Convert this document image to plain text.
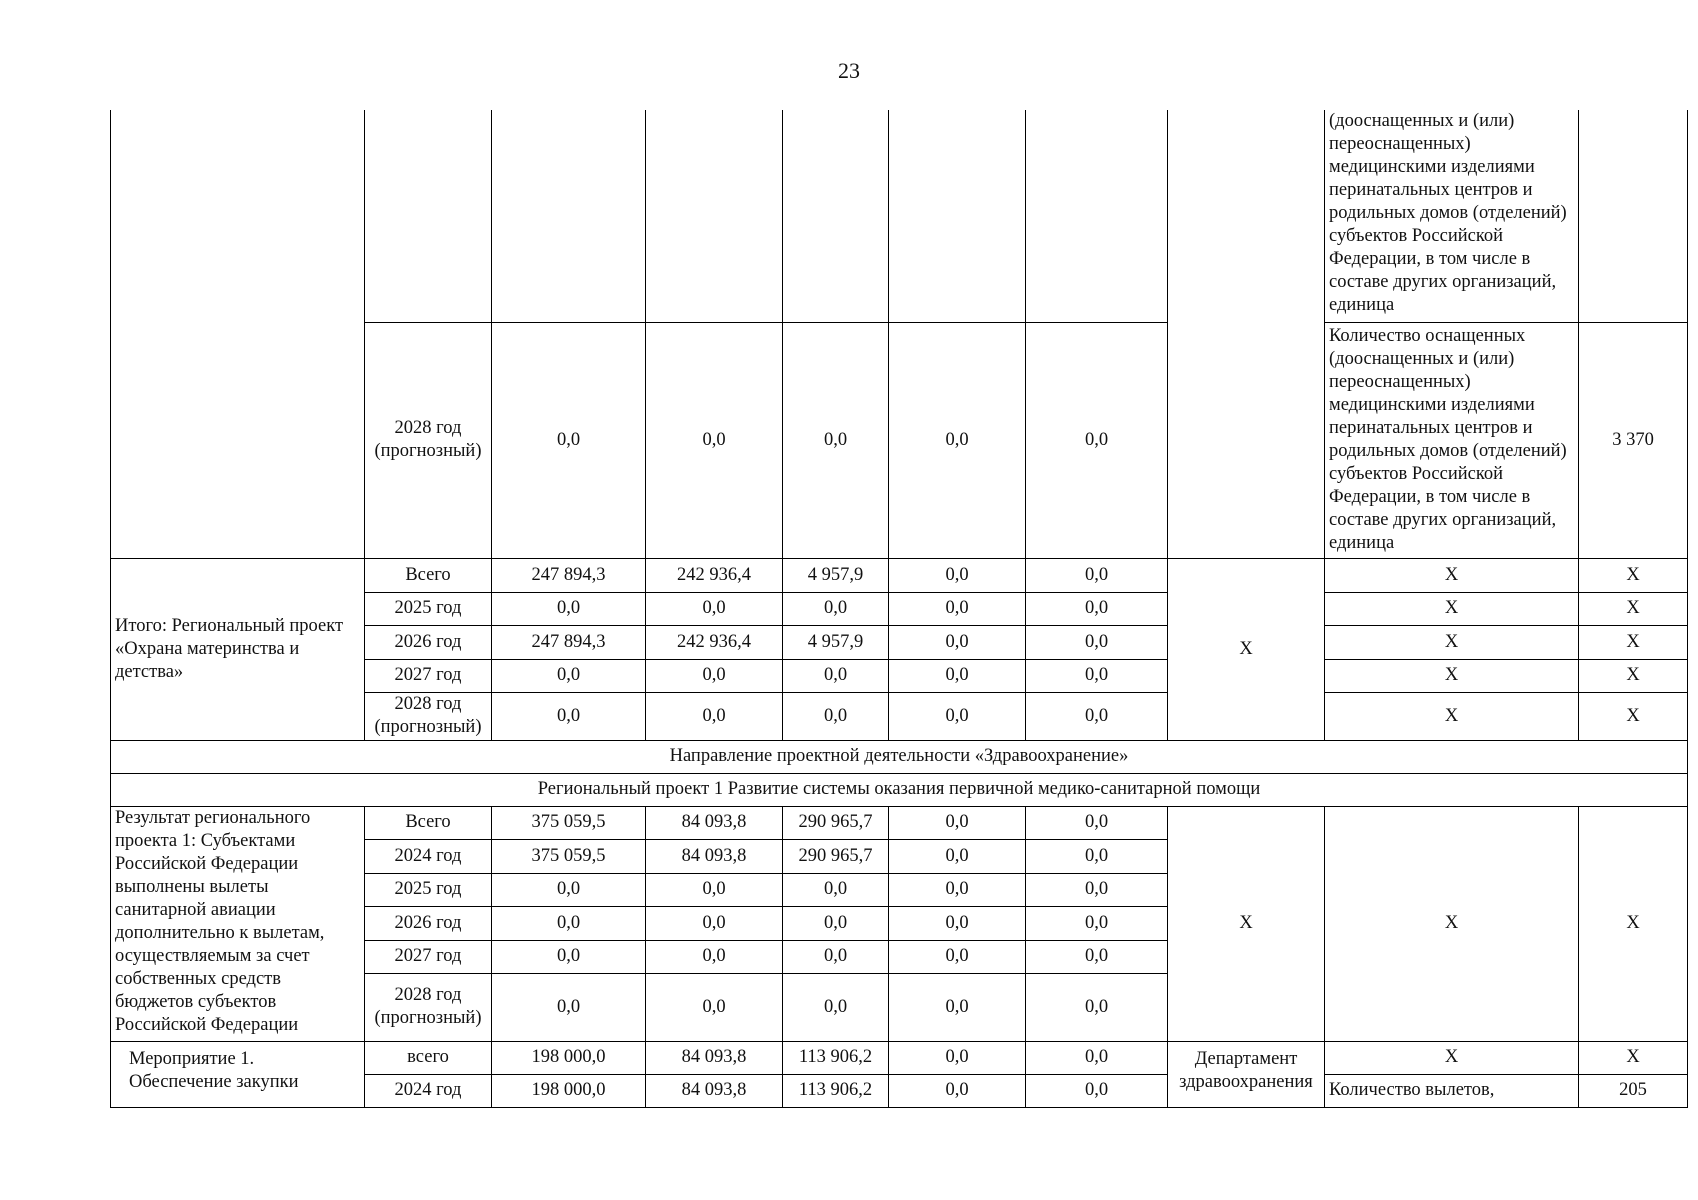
23
								(дооснащенных и (или) переоснащенных) медицинскими изделиями перинатальных центров и родильных домов (отделений) субъектов Российской Федерации, в том числе в составе других организаций, единица	
	2028 год (прогнозный)	0,0	0,0	0,0	0,0	0,0		Количество оснащенных (дооснащенных и (или) переоснащенных) медицинскими изделиями перинатальных центров и родильных домов (отделений) субъектов Российской Федерации, в том числе в составе других организаций, единица	3 370
Итого: Региональный проект «Охрана материнства и детства»	Всего	247 894,3	242 936,4	4 957,9	0,0	0,0	X	X	X
	2025 год	0,0	0,0	0,0	0,0	0,0		X	X
	2026 год	247 894,3	242 936,4	4 957,9	0,0	0,0		X	X
	2027 год	0,0	0,0	0,0	0,0	0,0		X	X
	2028 год (прогнозный)	0,0	0,0	0,0	0,0	0,0		X	X
Направление проектной деятельности «Здравоохранение»									
Региональный проект 1 Развитие системы оказания первичной медико-санитарной помощи									
Результат регионального проекта 1: Субъектами Российской Федерации выполнены вылеты санитарной авиации дополнительно к вылетам, осуществляемым за счет собственных средств бюджетов субъектов Российской Федерации	Всего	375 059,5	84 093,8	290 965,7	0,0	0,0	X	X	X
	2024 год	375 059,5	84 093,8	290 965,7	0,0	0,0			
	2025 год	0,0	0,0	0,0	0,0	0,0			
	2026 год	0,0	0,0	0,0	0,0	0,0			
	2027 год	0,0	0,0	0,0	0,0	0,0			
	2028 год (прогнозный)	0,0	0,0	0,0	0,0	0,0			
Мероприятие 1. Обеспечение закупки	всего	198 000,0	84 093,8	113 906,2	0,0	0,0	Департамент здравоохранения	X	X
	2024 год	198 000,0	84 093,8	113 906,2	0,0	0,0		Количество вылетов,	205
